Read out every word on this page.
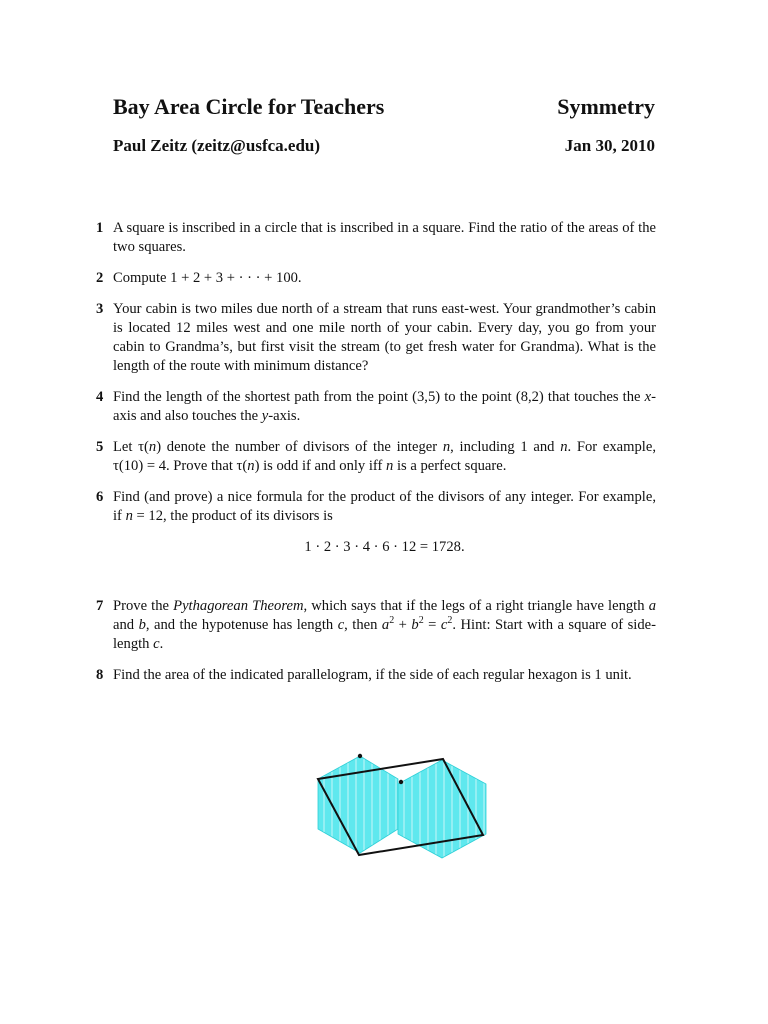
Bay Area Circle for Teachers	Symmetry
Paul Zeitz (zeitz@usfca.edu)	Jan 30, 2010
1 A square is inscribed in a circle that is inscribed in a square. Find the ratio of the areas of the two squares.
2 Compute 1 + 2 + 3 + · · · + 100.
3 Your cabin is two miles due north of a stream that runs east-west. Your grandmother’s cabin is located 12 miles west and one mile north of your cabin. Every day, you go from your cabin to Grandma’s, but first visit the stream (to get fresh water for Grandma). What is the length of the route with minimum distance?
4 Find the length of the shortest path from the point (3,5) to the point (8,2) that touches the x-axis and also touches the y-axis.
5 Let τ(n) denote the number of divisors of the integer n, including 1 and n. For example, τ(10) = 4. Prove that τ(n) is odd if and only iff n is a perfect square.
6 Find (and prove) a nice formula for the product of the divisors of any integer. For example, if n = 12, the product of its divisors is
1 · 2 · 3 · 4 · 6 · 12 = 1728.
7 Prove the Pythagorean Theorem, which says that if the legs of a right triangle have length a and b, and the hypotenuse has length c, then $a^2 + b^2 = c^2$. Hint: Start with a square of side-length c.
8 Find the area of the indicated parallelogram, if the side of each regular hexagon is 1 unit.
